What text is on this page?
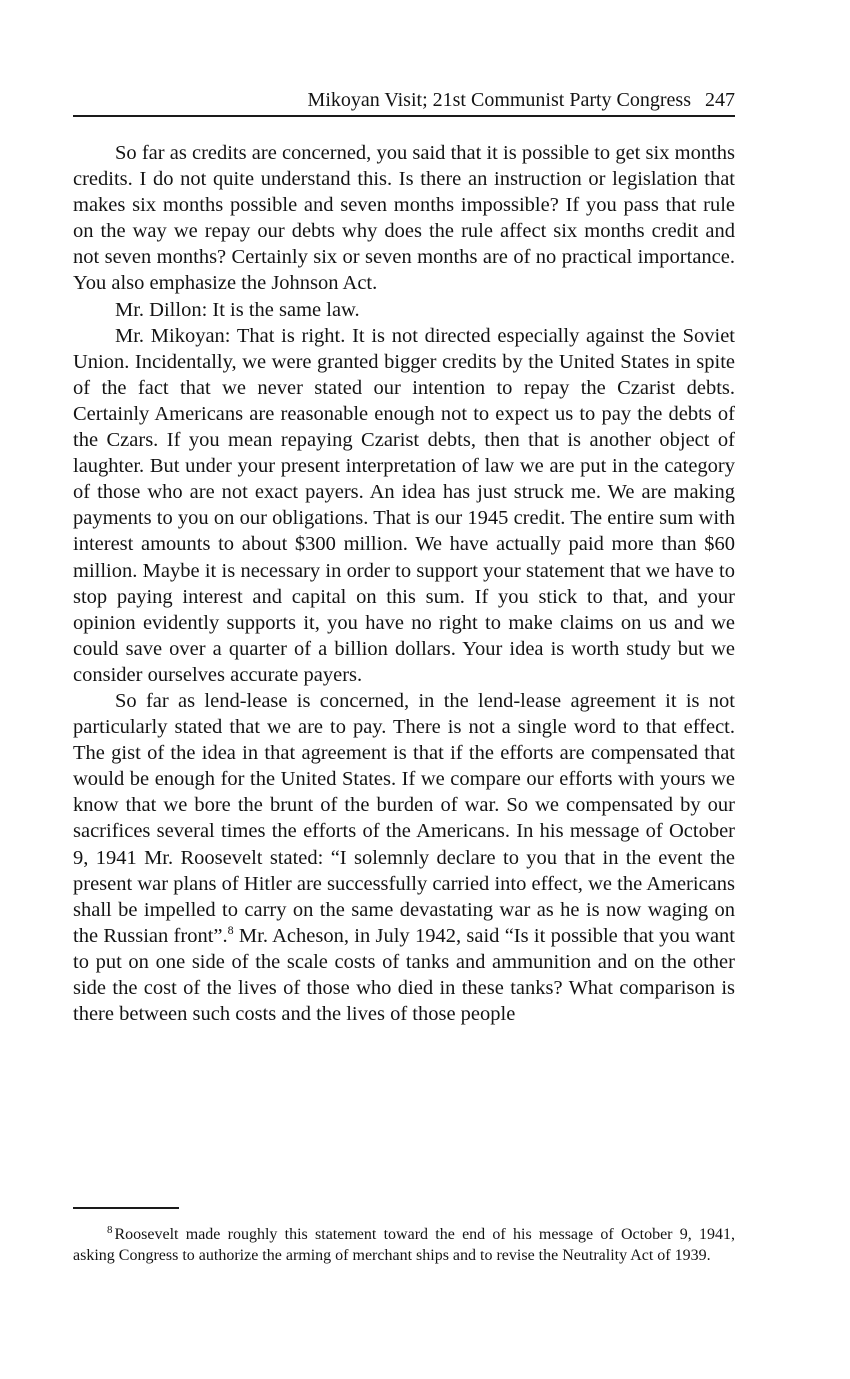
Mikoyan Visit; 21st Communist Party Congress 247

So far as credits are concerned, you said that it is possible to get six months credits. I do not quite understand this. Is there an instruction or legislation that makes six months possible and seven months impossible? If you pass that rule on the way we repay our debts why does the rule affect six months credit and not seven months? Certainly six or seven months are of no practical importance. You also emphasize the Johnson Act.

Mr. Dillon: It is the same law.

Mr. Mikoyan: That is right. It is not directed especially against the Soviet Union. Incidentally, we were granted bigger credits by the United States in spite of the fact that we never stated our intention to repay the Czarist debts. Certainly Americans are reasonable enough not to expect us to pay the debts of the Czars. If you mean repaying Czarist debts, then that is another object of laughter. But under your present interpretation of law we are put in the category of those who are not exact payers. An idea has just struck me. We are making payments to you on our obligations. That is our 1945 credit. The entire sum with interest amounts to about $300 million. We have actually paid more than $60 million. Maybe it is necessary in order to support your statement that we have to stop paying interest and capital on this sum. If you stick to that, and your opinion evidently supports it, you have no right to make claims on us and we could save over a quarter of a billion dollars. Your idea is worth study but we consider ourselves accurate payers.

So far as lend-lease is concerned, in the lend-lease agreement it is not particularly stated that we are to pay. There is not a single word to that effect. The gist of the idea in that agreement is that if the efforts are compensated that would be enough for the United States. If we compare our efforts with yours we know that we bore the brunt of the burden of war. So we compensated by our sacrifices several times the efforts of the Americans. In his message of October 9, 1941 Mr. Roosevelt stated: “I solemnly declare to you that in the event the present war plans of Hitler are successfully carried into effect, we the Americans shall be impelled to carry on the same devastating war as he is now waging on the Russian front”.$^8$ Mr. Acheson, in July 1942, said “Is it possible that you want to put on one side of the scale costs of tanks and ammunition and on the other side the cost of the lives of those who died in these tanks? What comparison is there between such costs and the lives of those people

$^8$ Roosevelt made roughly this statement toward the end of his message of October 9, 1941, asking Congress to authorize the arming of merchant ships and to revise the Neutrality Act of 1939.
